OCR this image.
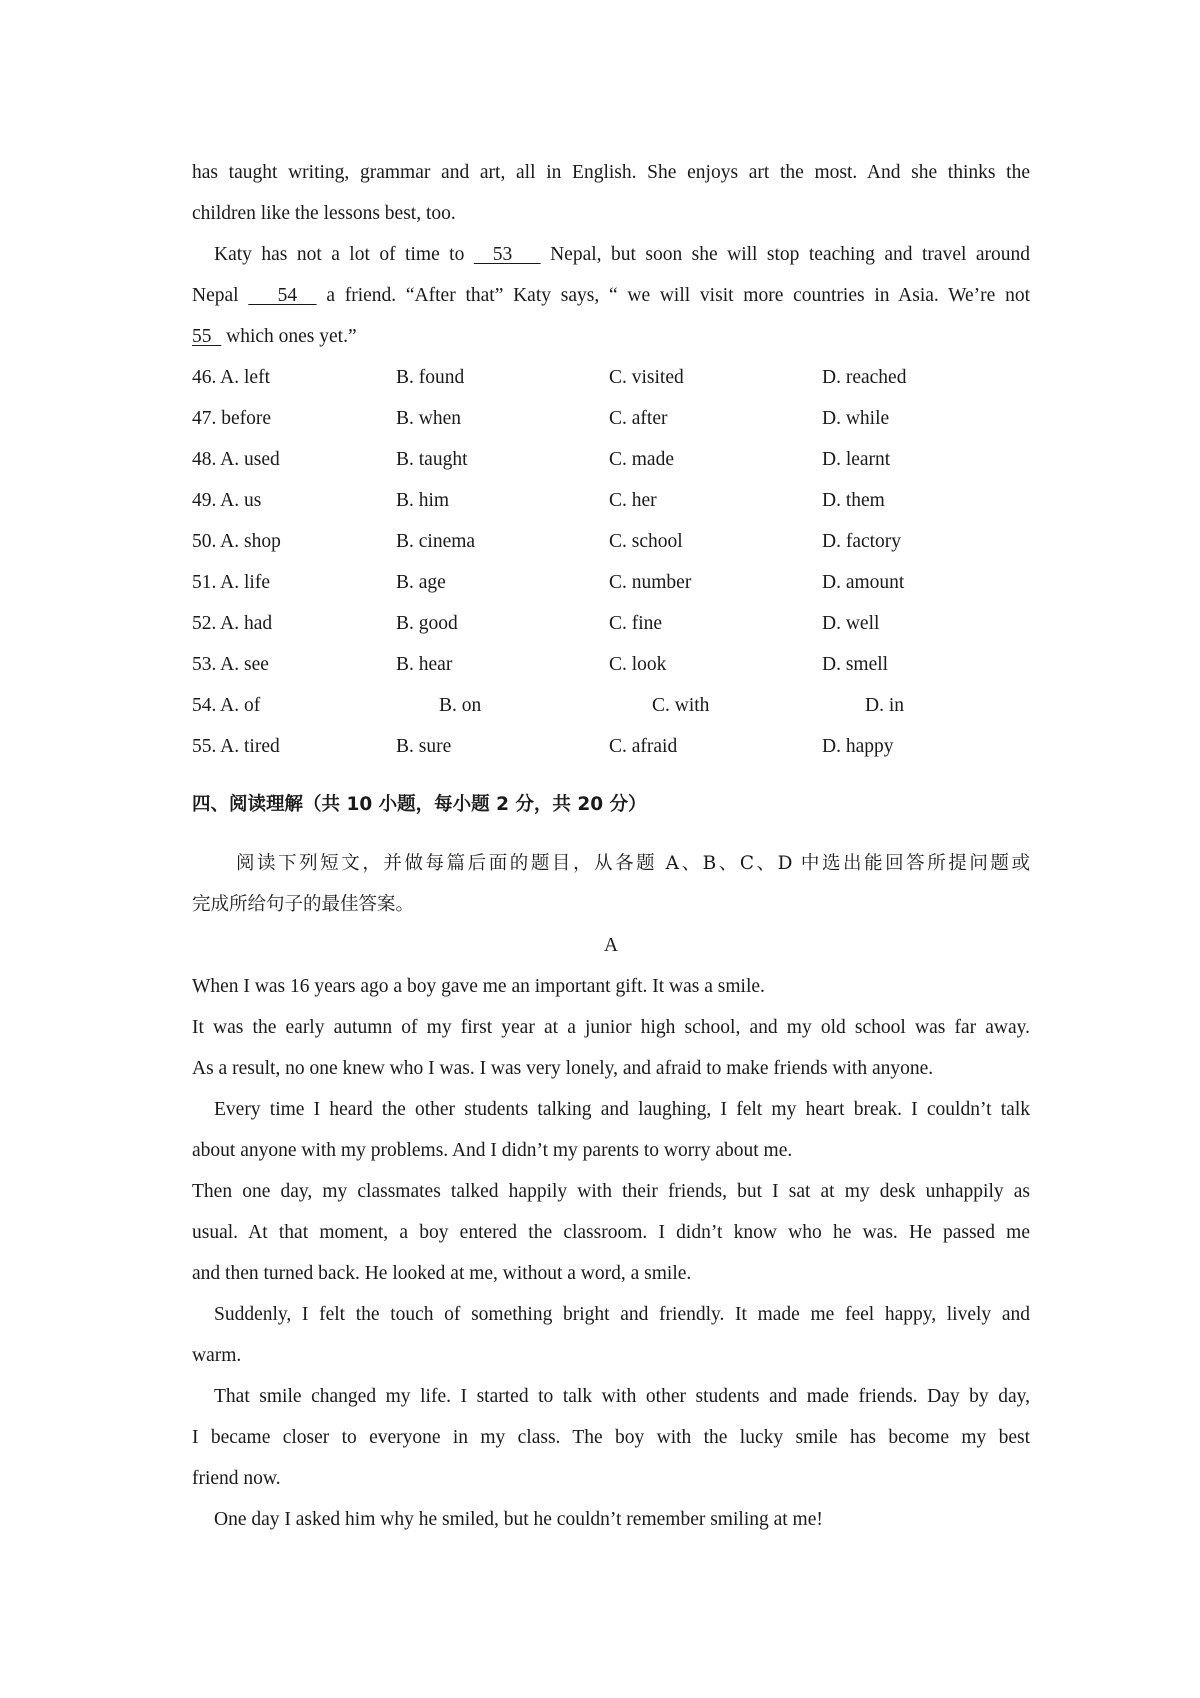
has taught writing, grammar and art, all in English. She enjoys art the most. And she thinks the
children like the lessons best, too.
Katy has not a lot of time to   53    Nepal, but soon she will stop teaching and travel around
Nepal    54   a friend. “After that” Katy says, “ we will visit more countries in Asia. We’re not
55   which ones yet.”
46. A. left	B. found	C. visited	D. reached
47. before	B. when	C. after	D. while
48. A. used	B. taught	C. made	D. learnt
49. A. us	B. him	C. her	D. them
50. A. shop	B. cinema	C. school	D. factory
51. A. life	B. age	C. number	D. amount
52. A. had	B. good	C. fine	D. well
53. A. see	B. hear	C. look	D. smell
54. A. of	B. on	C. with	D. in
55. A. tired	B. sure	C. afraid	D. happy
四、阅读理解（共 10 小题，每小题 2 分，共 20 分）
阅读下列短文，并做每篇后面的题目，从各题 A、B、C、D 中选出能回答所提问题或
完成所给句子的最佳答案。
A
When I was 16 years ago a boy gave me an important gift. It was a smile.
It was the early autumn of my first year at a junior high school, and my old school was far away.
As a result, no one knew who I was. I was very lonely, and afraid to make friends with anyone.
Every time I heard the other students talking and laughing, I felt my heart break. I couldn’t talk
about anyone with my problems. And I didn’t my parents to worry about me.
Then one day, my classmates talked happily with their friends, but I sat at my desk unhappily as
usual. At that moment, a boy entered the classroom. I didn’t know who he was. He passed me
and then turned back. He looked at me, without a word, a smile.
Suddenly, I felt the touch of something bright and friendly. It made me feel happy, lively and
warm.
That smile changed my life. I started to talk with other students and made friends. Day by day,
I became closer to everyone in my class. The boy with the lucky smile has become my best
friend now.
One day I asked him why he smiled, but he couldn’t remember smiling at me!
